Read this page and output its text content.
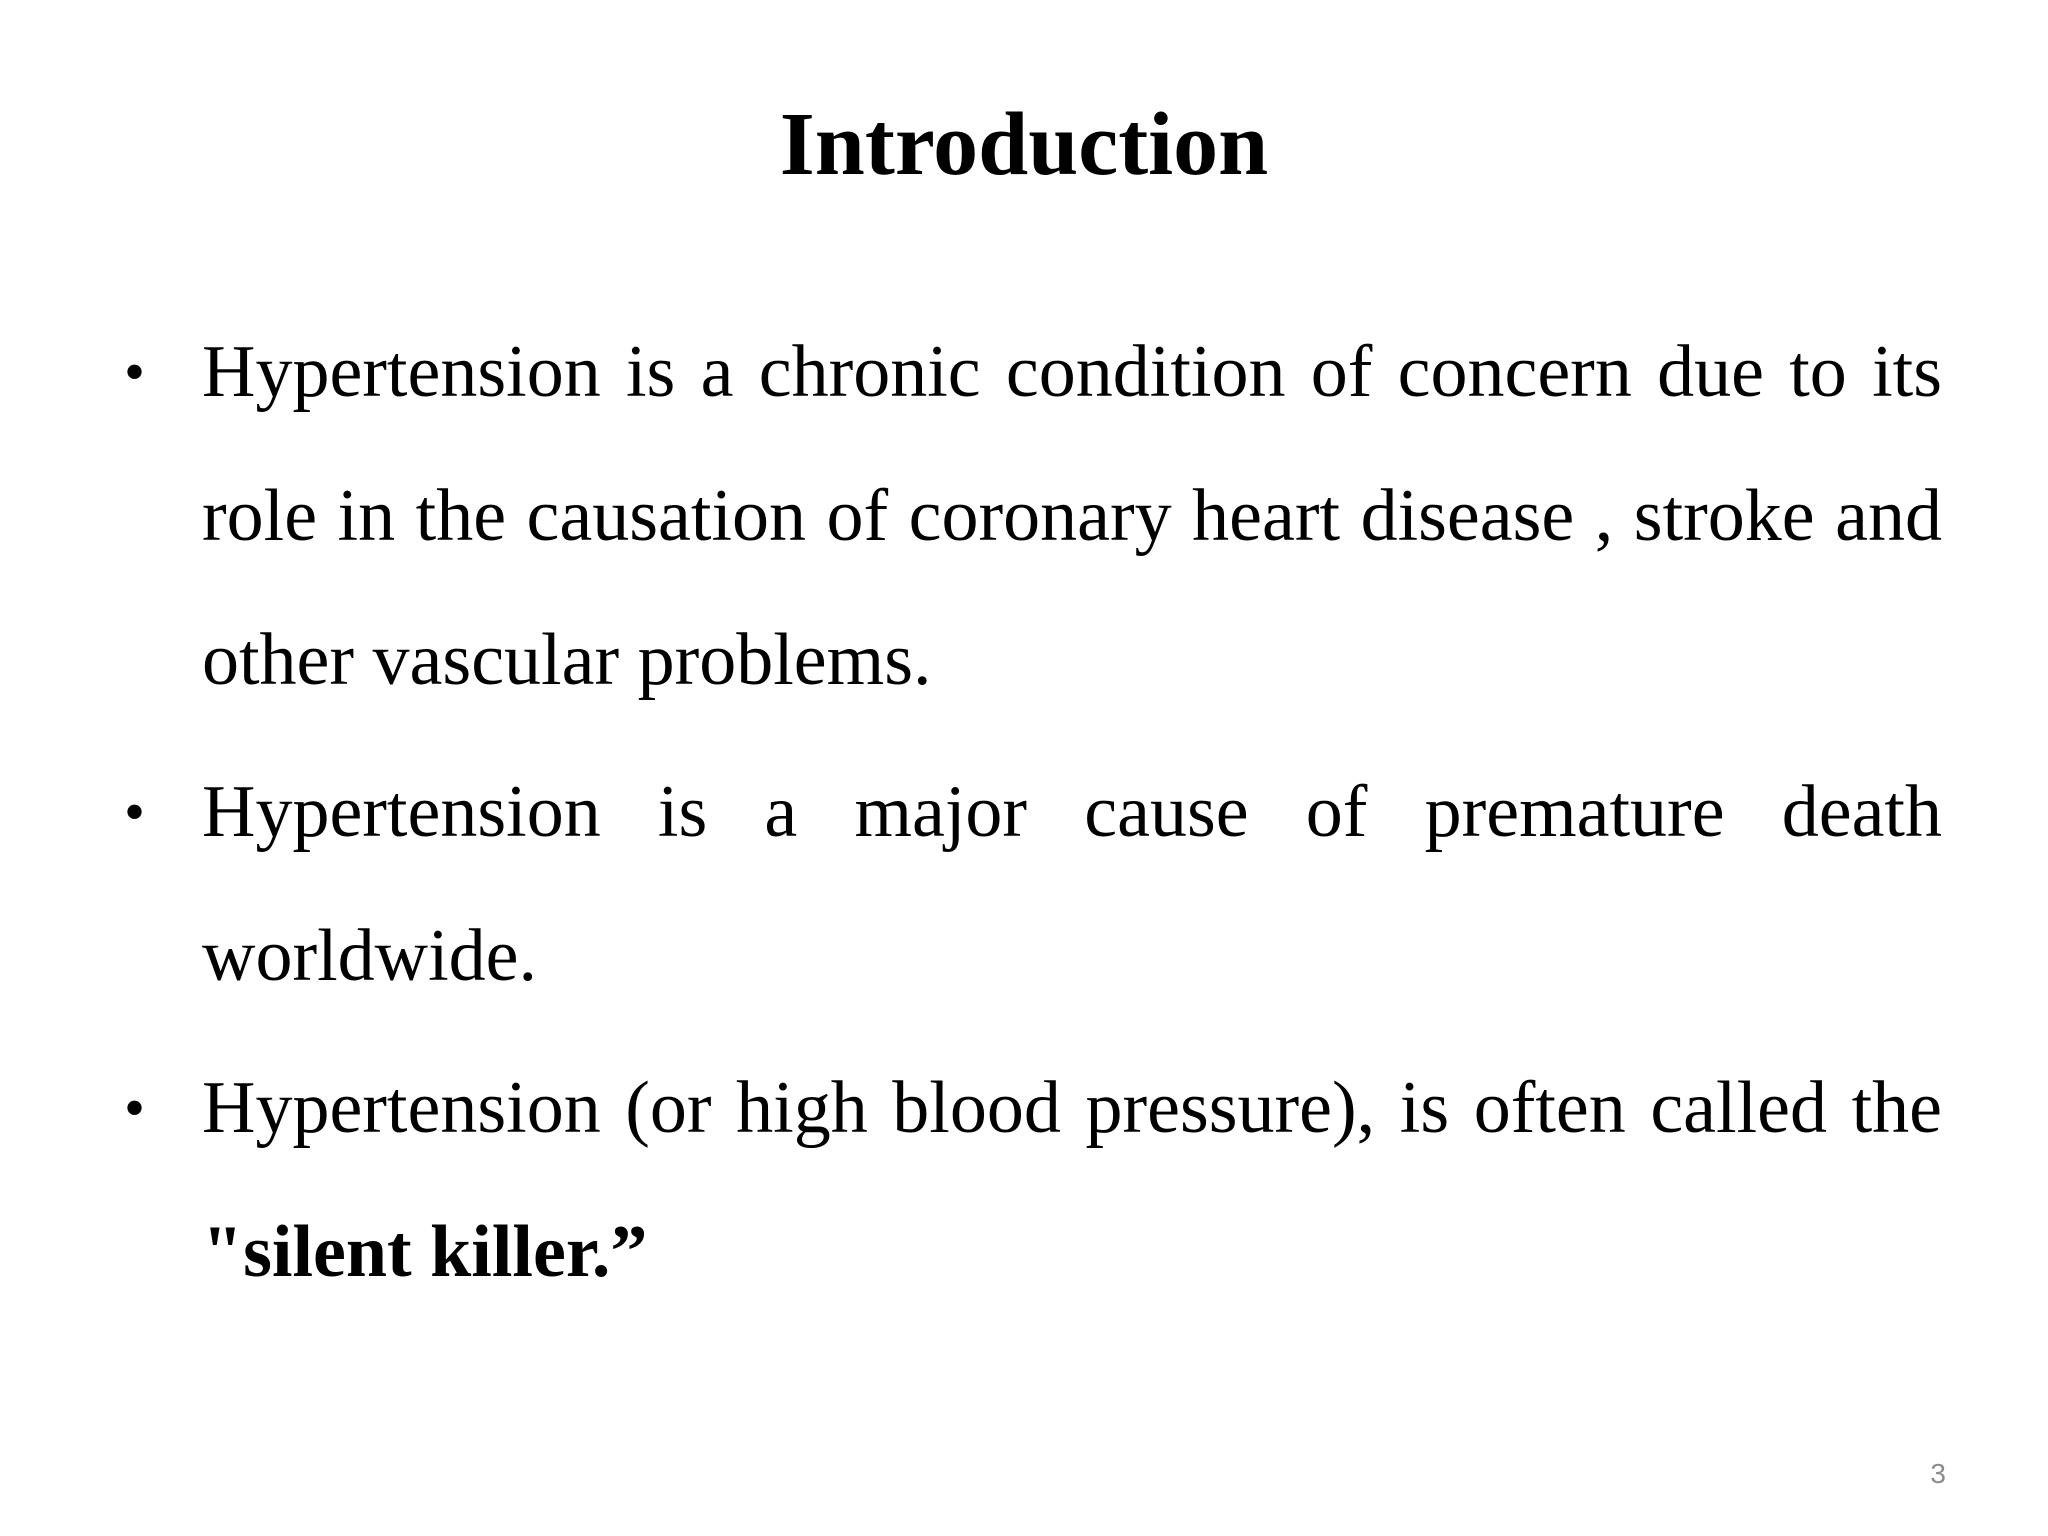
Introduction
• Hypertension is a chronic condition of concern due to its role in the causation of coronary heart disease , stroke and other vascular problems.
• Hypertension is a major cause of premature death worldwide.
• Hypertension (or high blood pressure), is often called the "silent killer.”
3
